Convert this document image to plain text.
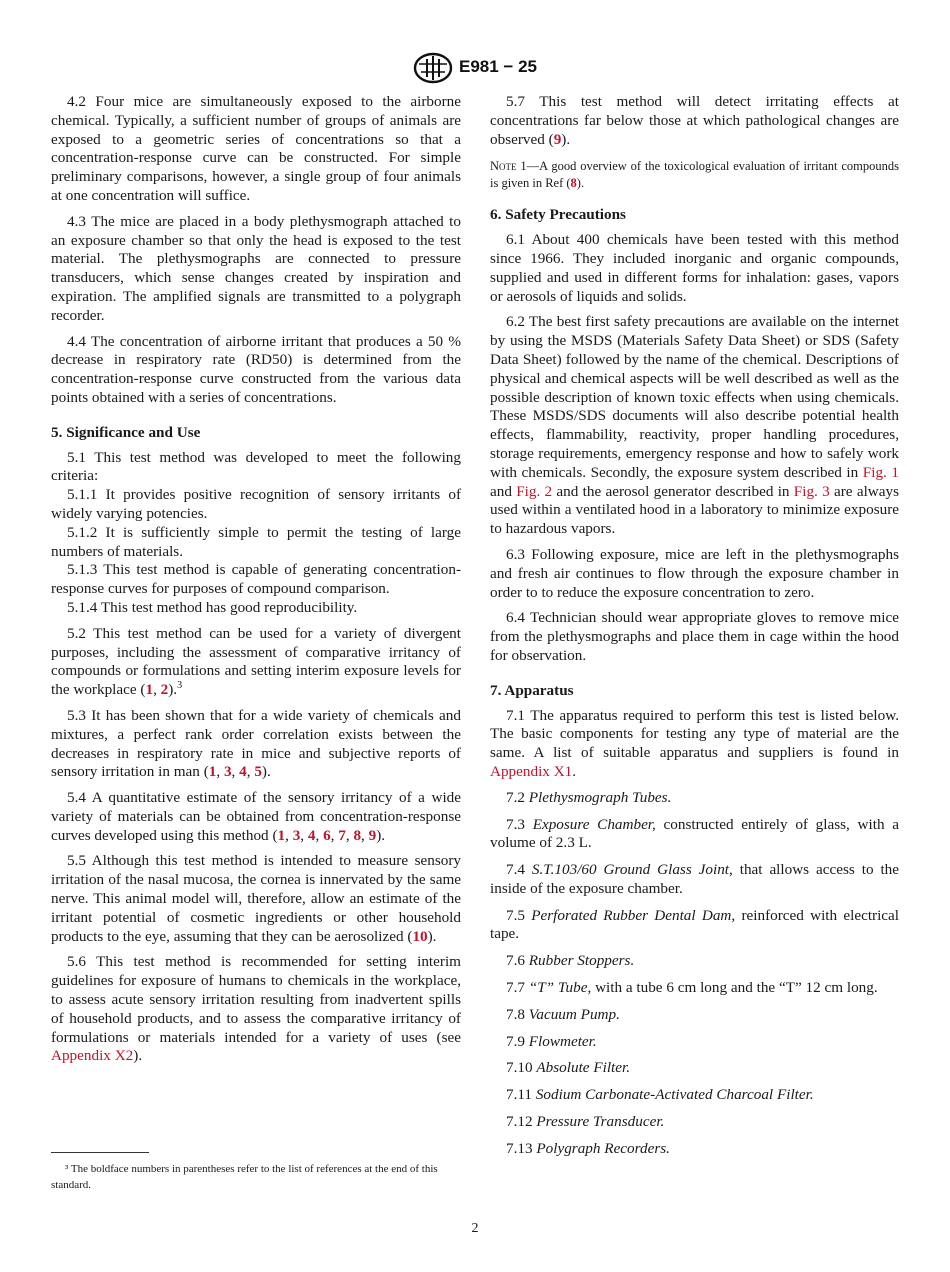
E981 − 25

4.2 Four mice are simultaneously exposed to the airborne chemical. Typically, a sufficient number of groups of animals are exposed to a geometric series of concentrations so that a concentration-response curve can be constructed. For simple preliminary comparisons, however, a single group of four animals at one concentration will suffice.

4.3 The mice are placed in a body plethysmograph attached to an exposure chamber so that only the head is exposed to the test material. The plethysmographs are connected to pressure transducers, which sense changes created by inspiration and expiration. The amplified signals are transmitted to a polygraph recorder.

4.4 The concentration of airborne irritant that produces a 50 % decrease in respiratory rate (RD50) is determined from the concentration-response curve constructed from the various data points obtained with a series of concentrations.

5. Significance and Use

5.1 This test method was developed to meet the following criteria:

5.1.1 It provides positive recognition of sensory irritants of widely varying potencies.

5.1.2 It is sufficiently simple to permit the testing of large numbers of materials.

5.1.3 This test method is capable of generating concentration-response curves for purposes of compound comparison.

5.1.4 This test method has good reproducibility.

5.2 This test method can be used for a variety of divergent purposes, including the assessment of comparative irritancy of compounds or formulations and setting interim exposure levels for the workplace (1, 2).$^3$

5.3 It has been shown that for a wide variety of chemicals and mixtures, a perfect rank order correlation exists between the decreases in respiratory rate in mice and subjective reports of sensory irritation in man (1, 3, 4, 5).

5.4 A quantitative estimate of the sensory irritancy of a wide variety of materials can be obtained from concentration-response curves developed using this method (1, 3, 4, 6, 7, 8, 9).

5.5 Although this test method is intended to measure sensory irritation of the nasal mucosa, the cornea is innervated by the same nerve. This animal model will, therefore, allow an estimate of the irritant potential of cosmetic ingredients or other household products to the eye, assuming that they can be aerosolized (10).

5.6 This test method is recommended for setting interim guidelines for exposure of humans to chemicals in the workplace, to assess acute sensory irritation resulting from inadvertent spills of household products, and to assess the comparative irritancy of formulations or materials intended for a variety of uses (see Appendix X2).

³ The boldface numbers in parentheses refer to the list of references at the end of this standard.

5.7 This test method will detect irritating effects at concentrations far below those at which pathological changes are observed (9).

Note 1—A good overview of the toxicological evaluation of irritant compounds is given in Ref (8).

6. Safety Precautions

6.1 About 400 chemicals have been tested with this method since 1966. They included inorganic and organic compounds, supplied and used in different forms for inhalation: gases, vapors or aerosols of liquids and solids.

6.2 The best first safety precautions are available on the internet by using the MSDS (Materials Safety Data Sheet) or SDS (Safety Data Sheet) followed by the name of the chemical. Descriptions of physical and chemical aspects will be well described as well as the possible description of known toxic effects when using chemicals. These MSDS/SDS documents will also describe potential health effects, flammability, reactivity, proper handling procedures, storage requirements, emergency response and how to safely work with chemicals. Secondly, the exposure system described in Fig. 1 and Fig. 2 and the aerosol generator described in Fig. 3 are always used within a ventilated hood in a laboratory to minimize exposure to hazardous vapors.

6.3 Following exposure, mice are left in the plethysmographs and fresh air continues to flow through the exposure chamber in order to to reduce the exposure concentration to zero.

6.4 Technician should wear appropriate gloves to remove mice from the plethysmographs and place them in cage within the hood for observation.

7. Apparatus

7.1 The apparatus required to perform this test is listed below. The basic components for testing any type of material are the same. A list of suitable apparatus and suppliers is found in Appendix X1.

7.2 Plethysmograph Tubes.

7.3 Exposure Chamber, constructed entirely of glass, with a volume of 2.3 L.

7.4 S.T.103/60 Ground Glass Joint, that allows access to the inside of the exposure chamber.

7.5 Perforated Rubber Dental Dam, reinforced with electrical tape.

7.6 Rubber Stoppers.

7.7 “T” Tube, with a tube 6 cm long and the “T” 12 cm long.

7.8 Vacuum Pump.

7.9 Flowmeter.

7.10 Absolute Filter.

7.11 Sodium Carbonate-Activated Charcoal Filter.

7.12 Pressure Transducer.

7.13 Polygraph Recorders.

2
